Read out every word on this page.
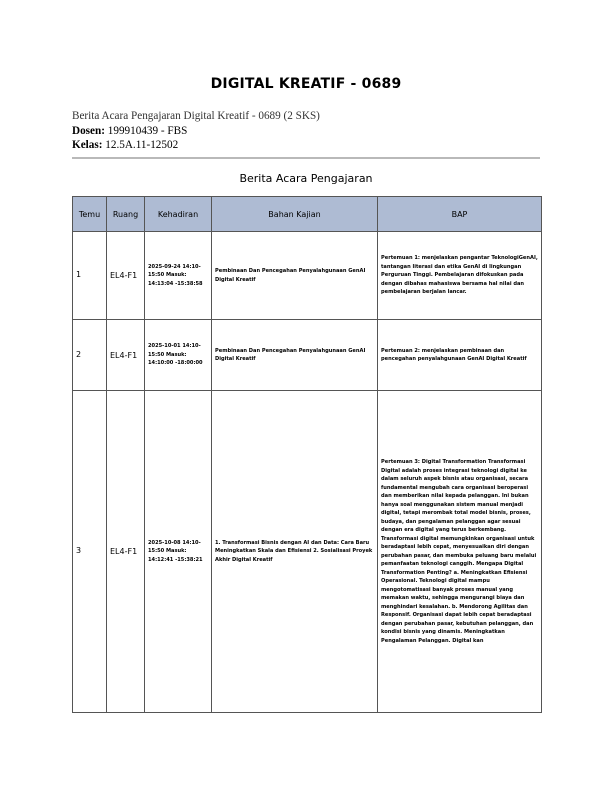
DIGITAL KREATIF - 0689
Berita Acara Pengajaran Digital Kreatif - 0689 (2 SKS)
Dosen: 199910439 - FBS
Kelas: 12.5A.11-12502
Berita Acara Pengajaran
Temu	Ruang	Kehadiran	Bahan Kajian	BAP
1	EL4-F1	2025-09-24 14:10-15:50 Masuk: 14:13:04 -15:38:58	Pembinaan Dan Pencegahan Penyalahgunaan GenAI Digital Kreatif	Pertemuan 1: menjelaskan pengantar TeknologiGenAI, tantangan literasi dan etika GenAI di lingkungan Perguruan Tinggi. Pembelajaran difokuskan pada dengan dibahas mahasiswa bersama hal nilai dan pembelajaran berjalan lancar.
2	EL4-F1	2025-10-01 14:10-15:50 Masuk: 14:10:00 -18:00:00	Pembinaan Dan Pencegahan Penyalahgunaan GenAI Digital Kreatif	Pertemuan 2: menjelaskan pembinaan dan pencegahan penyalahgunaan GenAI Digital Kreatif
3	EL4-F1	2025-10-08 14:10-15:50 Masuk: 14:12:41 -15:38:21	1. Transformasi Bisnis dengan AI dan Data: Cara Baru Meningkatkan Skala dan Efisiensi 2. Sosialisasi Proyek Akhir Digital Kreatif	Pertemuan 3: Digital Transformation Transformasi Digital adalah proses integrasi teknologi digital ke dalam seluruh aspek bisnis atau organisasi, secara fundamental mengubah cara organisasi beroperasi dan memberikan nilai kepada pelanggan. Ini bukan hanya soal menggunakan sistem manual menjadi digital, tetapi merombak total model bisnis, proses, budaya, dan pengalaman pelanggan agar sesuai dengan era digital yang terus berkembang. Transformasi digital memungkinkan organisasi untuk beradaptasi lebih cepat, menyesuaikan diri dengan perubahan pasar, dan membuka peluang baru melalui pemanfaatan teknologi canggih. Mengapa Digital Transformation Penting? a. Meningkatkan Efisiensi Operasional. Teknologi digital mampu mengotomatisasi banyak proses manual yang memakan waktu, sehingga mengurangi biaya dan menghindari kesalahan. b. Mendorong Agilitas dan Responsif. Organisasi dapat lebih cepat beradaptasi dengan perubahan pasar, kebutuhan pelanggan, dan kondisi bisnis yang dinamis. Meningkatkan Pengalaman Pelanggan. Digital kan
